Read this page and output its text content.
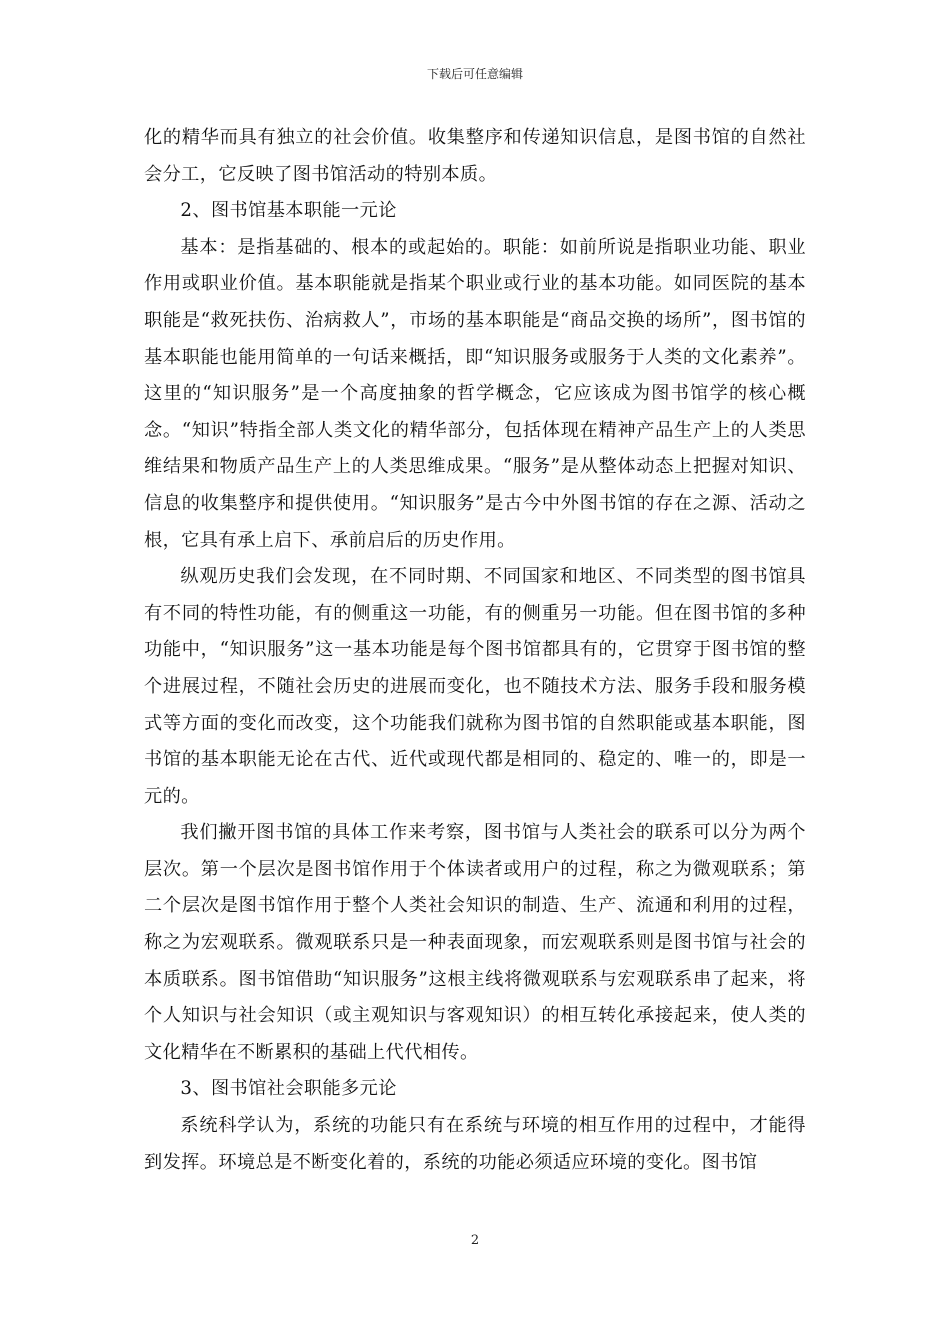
下载后可任意编辑

化的精华而具有独立的社会价值。收集整序和传递知识信息，是图书馆的自然社会分工，它反映了图书馆活动的特别本质。

2、图书馆基本职能一元论

基本：是指基础的、根本的或起始的。职能：如前所说是指职业功能、职业作用或职业价值。基本职能就是指某个职业或行业的基本功能。如同医院的基本职能是“救死扶伤、治病救人”，市场的基本职能是“商品交换的场所”，图书馆的基本职能也能用简单的一句话来概括，即“知识服务或服务于人类的文化素养”。这里的“知识服务”是一个高度抽象的哲学概念，它应该成为图书馆学的核心概念。“知识”特指全部人类文化的精华部分，包括体现在精神产品生产上的人类思维结果和物质产品生产上的人类思维成果。“服务”是从整体动态上把握对知识、信息的收集整序和提供使用。“知识服务”是古今中外图书馆的存在之源、活动之根，它具有承上启下、承前启后的历史作用。

纵观历史我们会发现，在不同时期、不同国家和地区、不同类型的图书馆具有不同的特性功能，有的侧重这一功能，有的侧重另一功能。但在图书馆的多种功能中，“知识服务”这一基本功能是每个图书馆都具有的，它贯穿于图书馆的整个进展过程，不随社会历史的进展而变化，也不随技术方法、服务手段和服务模式等方面的变化而改变，这个功能我们就称为图书馆的自然职能或基本职能，图书馆的基本职能无论在古代、近代或现代都是相同的、稳定的、唯一的，即是一元的。

我们撇开图书馆的具体工作来考察，图书馆与人类社会的联系可以分为两个层次。第一个层次是图书馆作用于个体读者或用户的过程，称之为微观联系；第二个层次是图书馆作用于整个人类社会知识的制造、生产、流通和利用的过程，称之为宏观联系。微观联系只是一种表面现象，而宏观联系则是图书馆与社会的本质联系。图书馆借助“知识服务”这根主线将微观联系与宏观联系串了起来，将个人知识与社会知识（或主观知识与客观知识）的相互转化承接起来，使人类的文化精华在不断累积的基础上代代相传。

3、图书馆社会职能多元论

系统科学认为，系统的功能只有在系统与环境的相互作用的过程中，才能得到发挥。环境总是不断变化着的，系统的功能必须适应环境的变化。图书馆

2
